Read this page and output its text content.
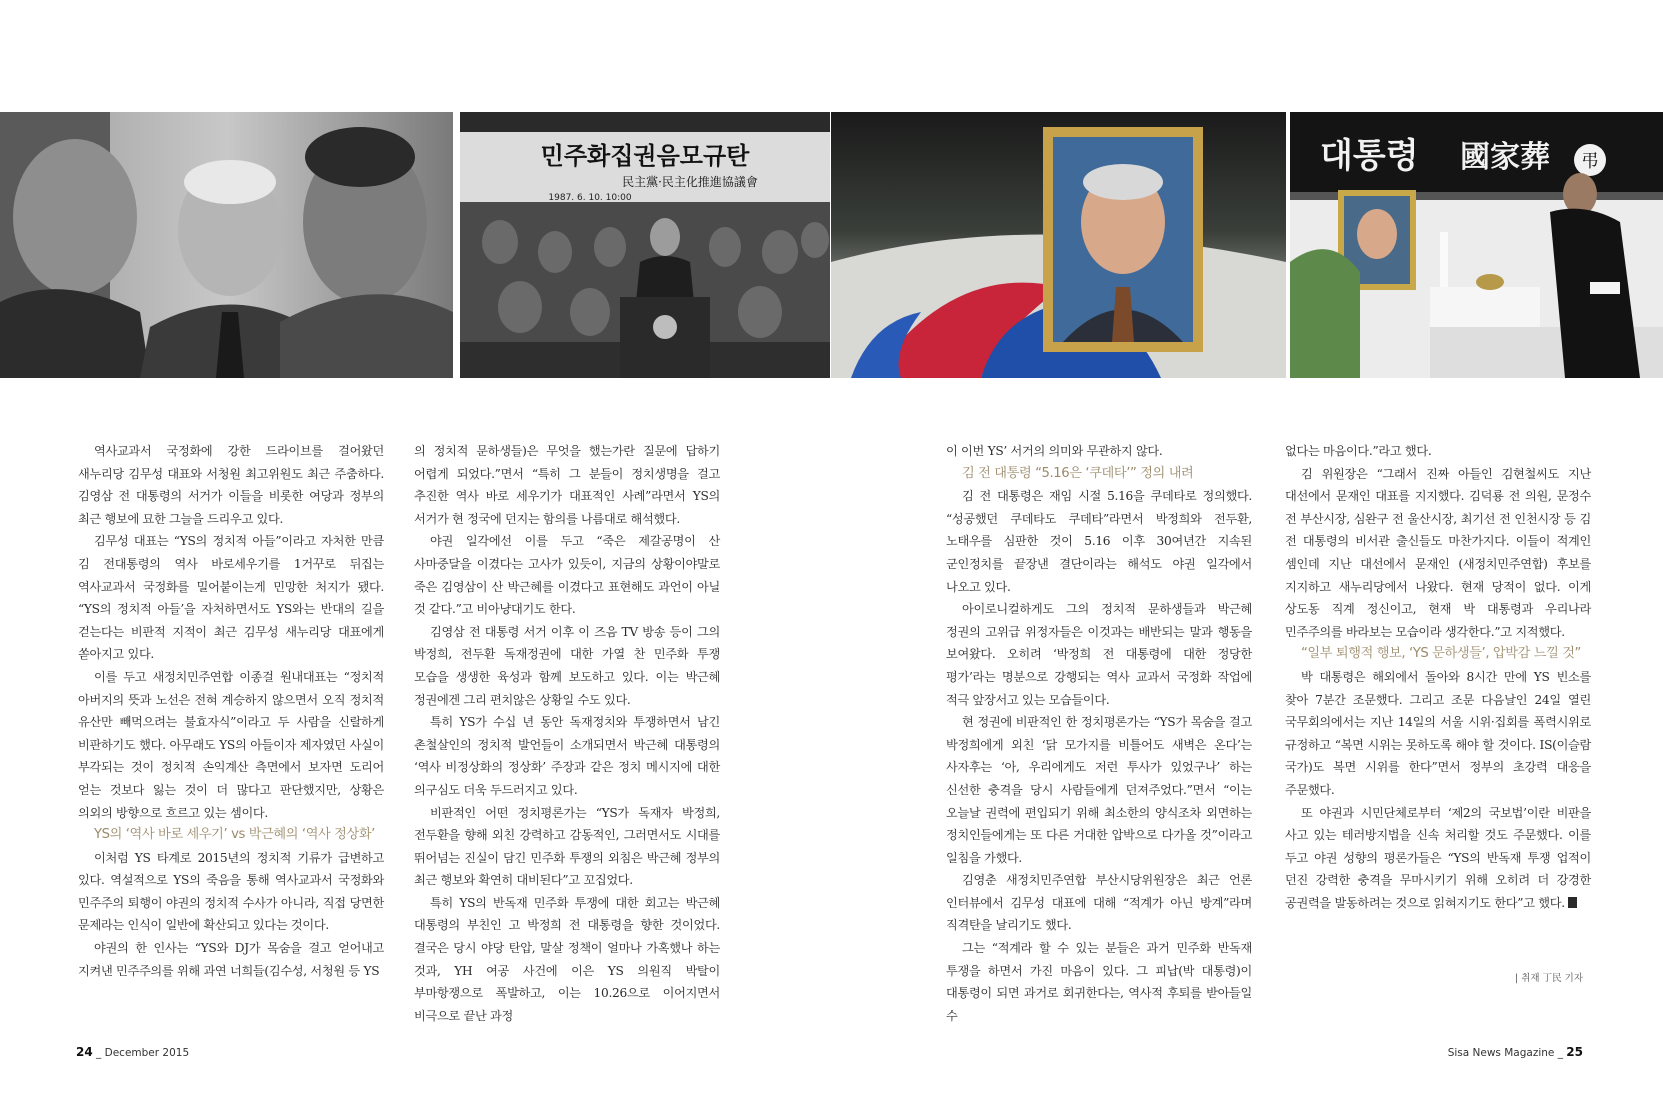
민주화집권음모규탄
民主黨·民主化推進協議會
1987. 6. 10. 10:00
대통령 國家葬 弔

역사교과서 국정화에 강한 드라이브를 걸어왔던 새누리당 김무성 대표와 서청원 최고위원도 최근 주춤하다. 김영삼 전 대통령의 서거가 이들을 비롯한 여당과 정부의 최근 행보에 묘한 그늘을 드리우고 있다.

김무성 대표는 “YS의 정치적 아들”이라고 자처한 만큼 김 전대통령의 역사 바로세우기를 1거꾸로 뒤집는 역사교과서 국정화를 밀어붙이는게 민망한 처지가 됐다. “YS의 정치적 아들’을 자처하면서도 YS와는 반대의 길을 걷는다는 비판적 지적이 최근 김무성 새누리당 대표에게 쏟아지고 있다.

이를 두고 새정치민주연합 이종걸 원내대표는 “정치적 아버지의 뜻과 노선은 전혀 계승하지 않으면서 오직 정치적 유산만 빼먹으려는 불효자식”이라고 두 사람을 신랄하게 비판하기도 했다. 아무래도 YS의 아들이자 제자였던 사실이 부각되는 것이 정치적 손익계산 측면에서 보자면 도리어 얻는 것보다 잃는 것이 더 많다고 판단했지만, 상황은 의외의 방향으로 흐르고 있는 셈이다.

YS의 ‘역사 바로 세우기’ vs 박근혜의 ‘역사 정상화’

이처럼 YS 타계로 2015년의 정치적 기류가 급변하고 있다. 역설적으로 YS의 죽음을 통해 역사교과서 국정화와 민주주의 퇴행이 야권의 정치적 수사가 아니라, 직접 당면한 문제라는 인식이 일반에 확산되고 있다는 것이다.

야권의 한 인사는 “YS와 DJ가 목숨을 걸고 얻어내고 지켜낸 민주주의를 위해 과연 너희들(김수성, 서청원 등 YS

의 정치적 문하생들)은 무엇을 했는가란 질문에 답하기 어렵게 되었다.”면서 “특히 그 분들이 정치생명을 걸고 추진한 역사 바로 세우기가 대표적인 사례”라면서 YS의 서거가 현 정국에 던지는 함의를 나름대로 해석했다.

야권 일각에선 이를 두고 “죽은 제갈공명이 산 사마중달을 이겼다는 고사가 있듯이, 지금의 상황이야말로 죽은 김영삼이 산 박근혜를 이겼다고 표현해도 과언이 아닐 것 같다.”고 비아냥대기도 한다.

김영삼 전 대통령 서거 이후 이 즈음 TV 방송 등이 그의 박정희, 전두환 독재정권에 대한 가열 찬 민주화 투쟁 모습을 생생한 육성과 함께 보도하고 있다. 이는 박근혜 정권에겐 그리 편치않은 상황일 수도 있다.

특히 YS가 수십 년 동안 독재정치와 투쟁하면서 남긴 촌철살인의 정치적 발언들이 소개되면서 박근혜 대통령의 ‘역사 비정상화의 정상화’ 주장과 같은 정치 메시지에 대한 의구심도 더욱 두드러지고 있다.

비판적인 어떤 정치평론가는 “YS가 독재자 박정희, 전두환을 향해 외친 강력하고 감동적인, 그러면서도 시대를 뛰어넘는 진실이 담긴 민주화 투쟁의 외침은 박근혜 정부의 최근 행보와 확연히 대비된다”고 꼬집었다.

특히 YS의 반독재 민주화 투쟁에 대한 회고는 박근혜 대통령의 부친인 고 박정희 전 대통령을 향한 것이었다. 결국은 당시 야당 탄압, 말살 정책이 얼마나 가혹했나 하는 것과, YH 여공 사건에 이은 YS 의원직 박탈이 부마항쟁으로 폭발하고, 이는 10.26으로 이어지면서 비극으로 끝난 과정

이 이번 YS’ 서거의 의미와 무관하지 않다.

김 전 대통령 “5.16은 ‘쿠데타’” 정의 내려

김 전 대통령은 재임 시절 5.16을 쿠데타로 정의했다. “성공했던 쿠데타도 쿠데타”라면서 박정희와 전두환, 노태우를 심판한 것이 5.16 이후 30여년간 지속된 군인정치를 끝장낸 결단이라는 해석도 야권 일각에서 나오고 있다.

아이로니컬하게도 그의 정치적 문하생들과 박근혜 정권의 고위급 위정자들은 이것과는 배반되는 말과 행동을 보여왔다. 오히려 ‘박정희 전 대통령에 대한 정당한 평가’라는 명분으로 강행되는 역사 교과서 국정화 작업에 적극 앞장서고 있는 모습들이다.

현 정권에 비판적인 한 정치평론가는 “YS가 목숨을 걸고 박정희에게 외친 ‘닭 모가지를 비틀어도 새벽은 온다’는 사자후는 ‘아, 우리에게도 저런 투사가 있었구나’ 하는 신선한 충격을 당시 사람들에게 던져주었다.”면서 “이는 오늘날 권력에 편입되기 위해 최소한의 양식조차 외면하는 정치인들에게는 또 다른 거대한 압박으로 다가올 것”이라고 일침을 가했다.

김영춘 새정치민주연합 부산시당위원장은 최근 언론 인터뷰에서 김무성 대표에 대해 “적계가 아닌 방계”라며 직격탄을 날리기도 했다.

그는 “적계라 할 수 있는 분들은 과거 민주화 반독재 투쟁을 하면서 가진 마음이 있다. 그 피납(박 대통령)이 대통령이 되면 과거로 회귀한다는, 역사적 후퇴를 받아들일 수

없다는 마음이다.”라고 했다.

김 위원장은 “그래서 진짜 아들인 김현철씨도 지난 대선에서 문재인 대표를 지지했다. 김덕룡 전 의원, 문정수 전 부산시장, 심완구 전 울산시장, 최기선 전 인천시장 등 김 전 대통령의 비서관 출신들도 마찬가지다. 이들이 적계인 셈인데 지난 대선에서 문재인 (새정치민주연합) 후보를 지지하고 새누리당에서 나왔다. 현재 당적이 없다. 이게 상도동 직계 정신이고, 현재 박 대통령과 우리나라 민주주의를 바라보는 모습이라 생각한다.”고 지적했다.

“일부 퇴행적 행보, ‘YS 문하생들’, 압박감 느낄 것”

박 대통령은 해외에서 돌아와 8시간 만에 YS 빈소를 찾아 7분간 조문했다. 그리고 조문 다음날인 24일 열린 국무회의에서는 지난 14일의 서울 시위·집회를 폭력시위로 규정하고 “복면 시위는 못하도록 해야 할 것이다. IS(이슬람 국가)도 복면 시위를 한다”면서 정부의 초강력 대응을 주문했다.

또 야권과 시민단체로부터 ‘제2의 국보법’이란 비판을 사고 있는 테러방지법을 신속 처리할 것도 주문했다. 이를 두고 야권 성향의 평론가들은 “YS의 반독재 투쟁 업적이 던진 강력한 충격을 무마시키기 위해 오히려 더 강경한 공권력을 발동하려는 것으로 읽혀지기도 한다”고 했다.

| 취재 丁民 기자
24 _ December 2015	Sisa News Magazine _ 25
